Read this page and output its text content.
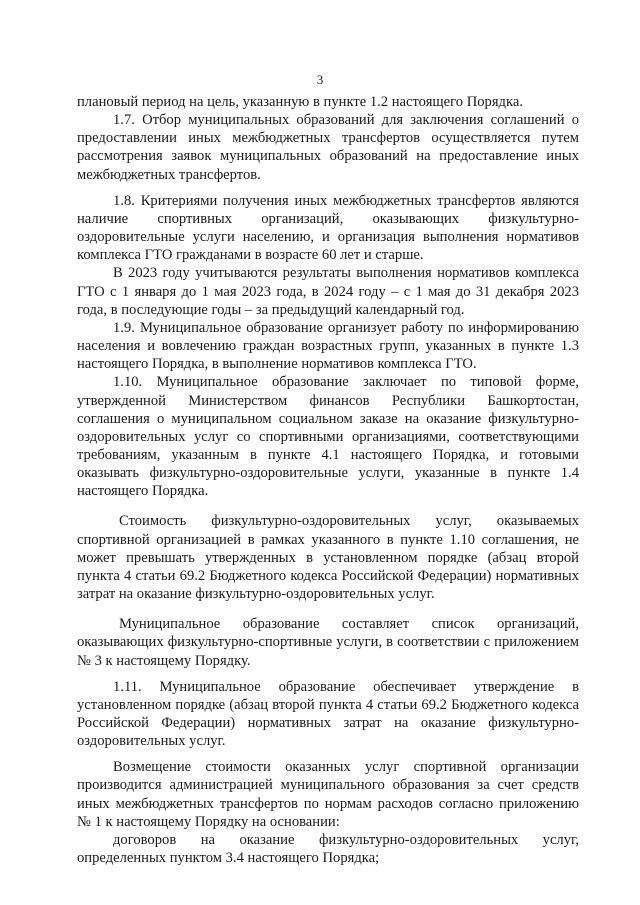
3

плановый период на цель, указанную в пункте 1.2 настоящего Порядка.

1.7. Отбор муниципальных образований для заключения соглашений о предоставлении иных межбюджетных трансфертов осуществляется путем рассмотрения заявок муниципальных образований на предоставление иных межбюджетных трансфертов.

1.8. Критериями получения иных межбюджетных трансфертов являются наличие спортивных организаций, оказывающих физкультурно-оздоровительные услуги населению, и организация выполнения нормативов комплекса ГТО гражданами в возрасте 60 лет и старше.

В 2023 году учитываются результаты выполнения нормативов комплекса ГТО с 1 января до 1 мая 2023 года, в 2024 году – с 1 мая до 31 декабря 2023 года, в последующие годы – за предыдущий календарный год.

1.9. Муниципальное образование организует работу по информированию населения и вовлечению граждан возрастных групп, указанных в пункте 1.3 настоящего Порядка, в выполнение нормативов комплекса ГТО.

1.10. Муниципальное образование заключает по типовой форме, утвержденной Министерством финансов Республики Башкортостан, соглашения о муниципальном социальном заказе на оказание физкультурно-оздоровительных услуг со спортивными организациями, соответствующими требованиям, указанным в пункте 4.1 настоящего Порядка, и готовыми оказывать физкультурно-оздоровительные услуги, указанные в пункте 1.4 настоящего Порядка.

Стоимость физкультурно-оздоровительных услуг, оказываемых спортивной организацией в рамках указанного в пункте 1.10 соглашения, не может превышать утвержденных в установленном порядке (абзац второй пункта 4 статьи 69.2 Бюджетного кодекса Российской Федерации) нормативных затрат на оказание физкультурно-оздоровительных услуг.

Муниципальное образование составляет список организаций, оказывающих физкультурно-спортивные услуги, в соответствии с приложением № 3 к настоящему Порядку.

1.11. Муниципальное образование обеспечивает утверждение в установленном порядке (абзац второй пункта 4 статьи 69.2 Бюджетного кодекса Российской Федерации) нормативных затрат на оказание физкультурно-оздоровительных услуг.

Возмещение стоимости оказанных услуг спортивной организации производится администрацией муниципального образования за счет средств иных межбюджетных трансфертов по нормам расходов согласно приложению № 1 к настоящему Порядку на основании:

договоров на оказание физкультурно-оздоровительных услуг, определенных пунктом 3.4 настоящего Порядка;
